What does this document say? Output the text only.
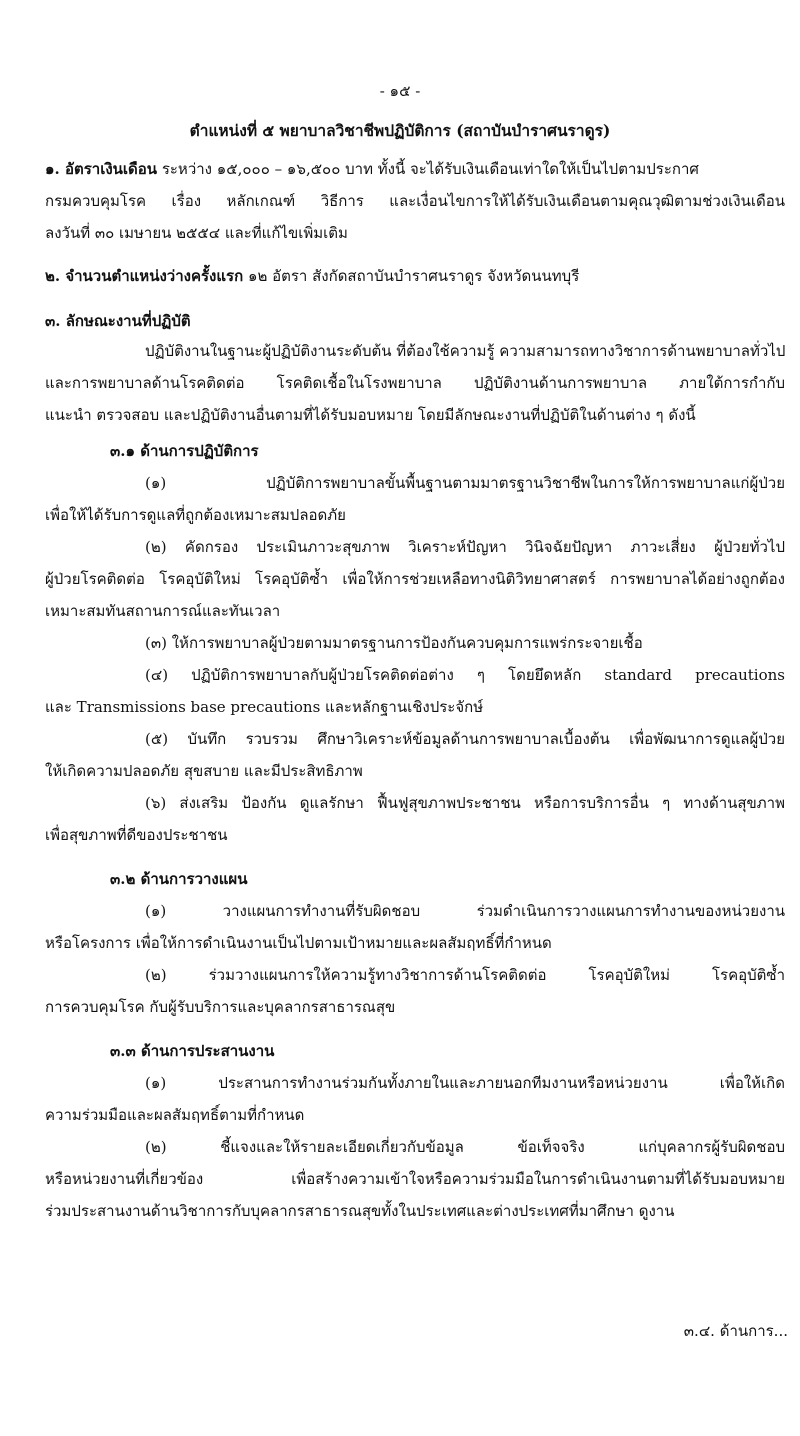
- ๑๕ -
ตำแหน่งที่ ๕ พยาบาลวิชาชีพปฏิบัติการ (สถาบันบำราศนราดูร)
๑. อัตราเงินเดือน ระหว่าง ๑๕,๐๐๐ – ๑๖,๕๐๐ บาท ทั้งนี้ จะได้รับเงินเดือนเท่าใดให้เป็นไปตามประกาศ
กรมควบคุมโรค เรื่อง หลักเกณฑ์ วิธีการ และเงื่อนไขการให้ได้รับเงินเดือนตามคุณวุฒิตามช่วงเงินเดือน
ลงวันที่ ๓๐ เมษายน ๒๕๕๔ และที่แก้ไขเพิ่มเติม
๒. จำนวนตำแหน่งว่างครั้งแรก ๑๒ อัตรา สังกัดสถาบันบำราศนราดูร จังหวัดนนทบุรี
๓. ลักษณะงานที่ปฏิบัติ
ปฏิบัติงานในฐานะผู้ปฏิบัติงานระดับต้น ที่ต้องใช้ความรู้ ความสามารถทางวิชาการด้านพยาบาลทั่วไป
และการพยาบาลด้านโรคติดต่อ โรคติดเชื้อในโรงพยาบาล ปฏิบัติงานด้านการพยาบาล ภายใต้การกำกับ
แนะนำ ตรวจสอบ และปฏิบัติงานอื่นตามที่ได้รับมอบหมาย โดยมีลักษณะงานที่ปฏิบัติในด้านต่าง ๆ ดังนี้
๓.๑ ด้านการปฏิบัติการ
(๑) ปฏิบัติการพยาบาลขั้นพื้นฐานตามมาตรฐานวิชาชีพในการให้การพยาบาลแก่ผู้ป่วย
เพื่อให้ได้รับการดูแลที่ถูกต้องเหมาะสมปลอดภัย
(๒) คัดกรอง ประเมินภาวะสุขภาพ วิเคราะห์ปัญหา วินิจฉัยปัญหา ภาวะเสี่ยง ผู้ป่วยทั่วไป
ผู้ป่วยโรคติดต่อ โรคอุบัติใหม่ โรคอุบัติซ้ำ เพื่อให้การช่วยเหลือทางนิติวิทยาศาสตร์ การพยาบาลได้อย่างถูกต้อง
เหมาะสมทันสถานการณ์และทันเวลา
(๓) ให้การพยาบาลผู้ป่วยตามมาตรฐานการป้องกันควบคุมการแพร่กระจายเชื้อ
(๔) ปฏิบัติการพยาบาลกับผู้ป่วยโรคติดต่อต่าง ๆ โดยยึดหลัก standard precautions
และ Transmissions base precautions และหลักฐานเชิงประจักษ์
(๕) บันทึก รวบรวม ศึกษาวิเคราะห์ข้อมูลด้านการพยาบาลเบื้องต้น เพื่อพัฒนาการดูแลผู้ป่วย
ให้เกิดความปลอดภัย สุขสบาย และมีประสิทธิภาพ
(๖) ส่งเสริม ป้องกัน ดูแลรักษา ฟื้นฟูสุขภาพประชาชน หรือการบริการอื่น ๆ ทางด้านสุขภาพ
เพื่อสุขภาพที่ดีของประชาชน
๓.๒ ด้านการวางแผน
(๑) วางแผนการทำงานที่รับผิดชอบ ร่วมดำเนินการวางแผนการทำงานของหน่วยงาน
หรือโครงการ เพื่อให้การดำเนินงานเป็นไปตามเป้าหมายและผลสัมฤทธิ์ที่กำหนด
(๒) ร่วมวางแผนการให้ความรู้ทางวิชาการด้านโรคติดต่อ โรคอุบัติใหม่ โรคอุบัติซ้ำ
การควบคุมโรค กับผู้รับบริการและบุคลากรสาธารณสุข
๓.๓ ด้านการประสานงาน
(๑) ประสานการทำงานร่วมกันทั้งภายในและภายนอกทีมงานหรือหน่วยงาน เพื่อให้เกิด
ความร่วมมือและผลสัมฤทธิ์ตามที่กำหนด
(๒) ชี้แจงและให้รายละเอียดเกี่ยวกับข้อมูล ข้อเท็จจริง แก่บุคลากรผู้รับผิดชอบ
หรือหน่วยงานที่เกี่ยวข้อง เพื่อสร้างความเข้าใจหรือความร่วมมือในการดำเนินงานตามที่ได้รับมอบหมาย
ร่วมประสานงานด้านวิชาการกับบุคลากรสาธารณสุขทั้งในประเทศและต่างประเทศที่มาศึกษา ดูงาน
๓.๔. ด้านการ...
